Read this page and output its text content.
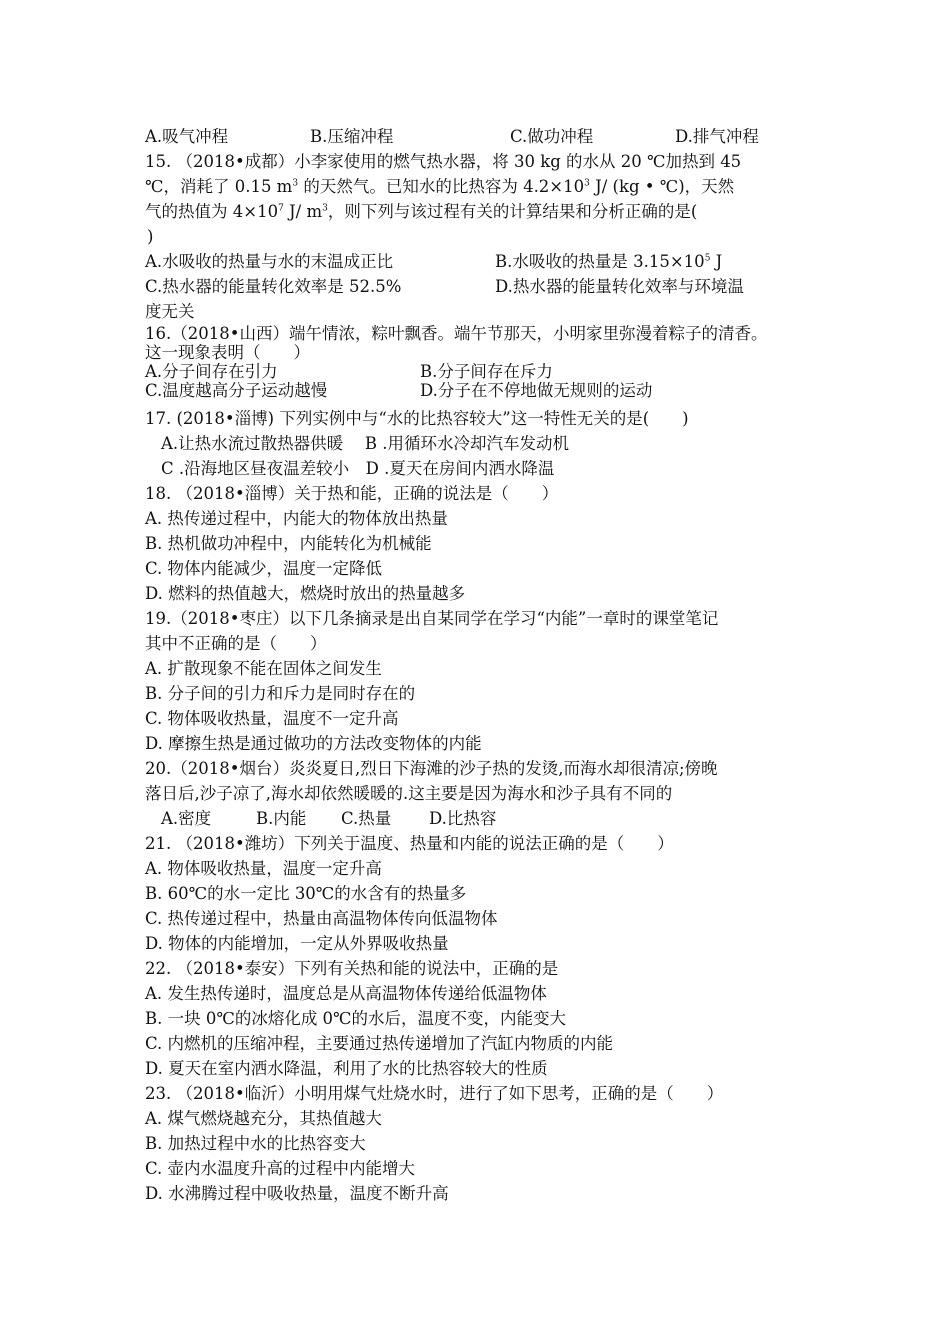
A.吸气冲程	B.压缩冲程	C.做功冲程	D.排气冲程
15. （2018•成都）小李家使用的燃气热水器，将 30 kg 的水从 20 ℃加热到 45
℃，消耗了 0.15 $m^3$ 的天然气。已知水的比热容为 $4.2\times 10^3$ J/ (kg • ℃)，天然
气的热值为 $4\times 10^7$ J/ $m^3$，则下列与该过程有关的计算结果和分析正确的是(
)
A.水吸收的热量与水的末温成正比	B.水吸收的热量是 $3.15\times 10^5$ J
C.热水器的能量转化效率是 52.5%	D.热水器的能量转化效率与环境温
度无关
16.（2018•山西）端午情浓，粽叶飘香。端午节那天，小明家里弥漫着粽子的清香。
这一现象表明（　　）
A.分子间存在引力	B.分子间存在斥力
C.温度越高分子运动越慢	D.分子在不停地做无规则的运动
17. (2018•淄博) 下列实例中与“水的比热容较大”这一特性无关的是(　　)
A.让热水流过散热器供暖　 B .用循环水冷却汽车发动机
C .沿海地区昼夜温差较小　D .夏天在房间内洒水降温
18. （2018•淄博）关于热和能，正确的说法是（　　）
A. 热传递过程中，内能大的物体放出热量
B. 热机做功冲程中，内能转化为机械能
C. 物体内能减少，温度一定降低
D. 燃料的热值越大，燃烧时放出的热量越多
19.（2018•枣庄）以下几条摘录是出自某同学在学习“内能”一章时的课堂笔记
其中不正确的是（　　）
A. 扩散现象不能在固体之间发生
B. 分子间的引力和斥力是同时存在的
C. 物体吸收热量，温度不一定升高
D. 摩擦生热是通过做功的方法改变物体的内能
20.（2018•烟台）炎炎夏日,烈日下海滩的沙子热的发烫,而海水却很清凉;傍晚
落日后,沙子凉了,海水却依然暖暖的.这主要是因为海水和沙子具有不同的
A.密度	B.内能	C.热量	D.比热容
21. （2018•潍坊）下列关于温度、热量和内能的说法正确的是（　　）
A. 物体吸收热量，温度一定升高
B. 60℃的水一定比 30℃的水含有的热量多
C. 热传递过程中，热量由高温物体传向低温物体
D. 物体的内能增加，一定从外界吸收热量
22. （2018•泰安）下列有关热和能的说法中，正确的是
A. 发生热传递时，温度总是从高温物体传递给低温物体
B. 一块 0℃的冰熔化成 0℃的水后，温度不变，内能变大
C. 内燃机的压缩冲程，主要通过热传递增加了汽缸内物质的内能
D. 夏天在室内洒水降温，利用了水的比热容较大的性质
23. （2018•临沂）小明用煤气灶烧水时，进行了如下思考，正确的是（　　）
A. 煤气燃烧越充分，其热值越大
B. 加热过程中水的比热容变大
C. 壶内水温度升高的过程中内能增大
D. 水沸腾过程中吸收热量，温度不断升高
